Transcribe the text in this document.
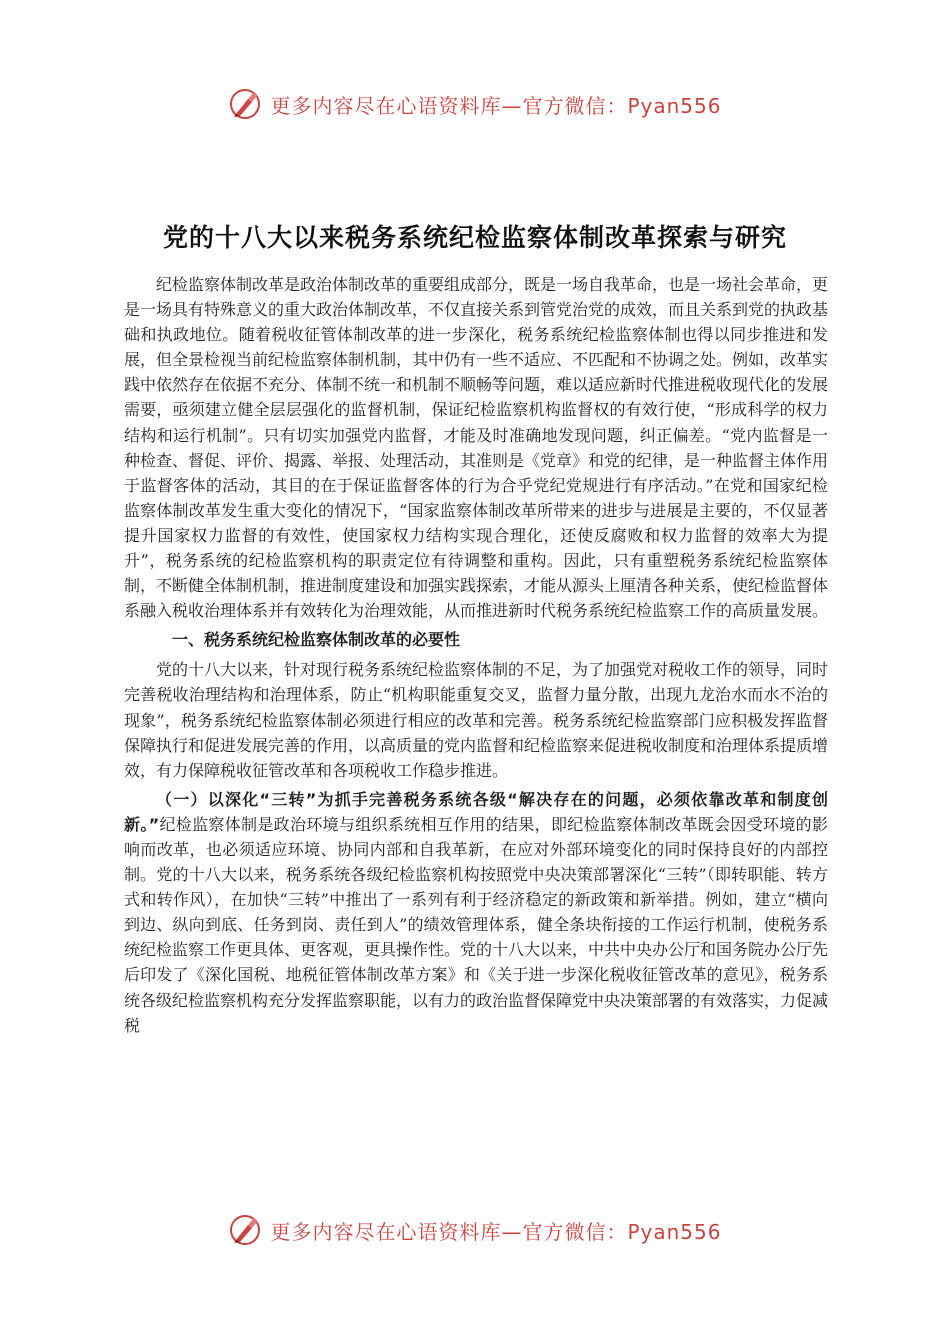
更多内容尽在心语资料库—官方微信：Pyan556
党的十八大以来税务系统纪检监察体制改革探索与研究

纪检监察体制改革是政治体制改革的重要组成部分，既是一场自我革命，也是一场社会革命，更是一场具有特殊意义的重大政治体制改革，不仅直接关系到管党治党的成效，而且关系到党的执政基础和执政地位。随着税收征管体制改革的进一步深化，税务系统纪检监察体制也得以同步推进和发展，但全景检视当前纪检监察体制机制，其中仍有一些不适应、不匹配和不协调之处。例如，改革实践中依然存在依据不充分、体制不统一和机制不顺畅等问题，难以适应新时代推进税收现代化的发展需要，亟须建立健全层层强化的监督机制，保证纪检监察机构监督权的有效行使，“形成科学的权力结构和运行机制”。只有切实加强党内监督，才能及时准确地发现问题，纠正偏差。“党内监督是一种检查、督促、评价、揭露、举报、处理活动，其准则是《党章》和党的纪律，是一种监督主体作用于监督客体的活动，其目的在于保证监督客体的行为合乎党纪党规进行有序活动。”在党和国家纪检监察体制改革发生重大变化的情况下，“国家监察体制改革所带来的进步与进展是主要的，不仅显著提升国家权力监督的有效性，使国家权力结构实现合理化，还使反腐败和权力监督的效率大为提升”，税务系统的纪检监察机构的职责定位有待调整和重构。因此，只有重塑税务系统纪检监察体制，不断健全体制机制，推进制度建设和加强实践探索，才能从源头上厘清各种关系，使纪检监督体系融入税收治理体系并有效转化为治理效能，从而推进新时代税务系统纪检监察工作的高质量发展。

一、税务系统纪检监察体制改革的必要性

党的十八大以来，针对现行税务系统纪检监察体制的不足，为了加强党对税收工作的领导，同时完善税收治理结构和治理体系，防止“机构职能重复交叉，监督力量分散，出现九龙治水而水不治的现象”，税务系统纪检监察体制必须进行相应的改革和完善。税务系统纪检监察部门应积极发挥监督保障执行和促进发展完善的作用，以高质量的党内监督和纪检监察来促进税收制度和治理体系提质增效，有力保障税收征管改革和各项税收工作稳步推进。

（一）以深化“三转”为抓手完善税务系统各级“解决存在的问题，必须依靠改革和制度创新。”纪检监察体制是政治环境与组织系统相互作用的结果，即纪检监察体制改革既会因受环境的影响而改革，也必须适应环境、协同内部和自我革新，在应对外部环境变化的同时保持良好的内部控制。党的十八大以来，税务系统各级纪检监察机构按照党中央决策部署深化“三转”（即转职能、转方式和转作风），在加快“三转”中推出了一系列有利于经济稳定的新政策和新举措。例如，建立“横向到边、纵向到底、任务到岗、责任到人”的绩效管理体系，健全条块衔接的工作运行机制，使税务系统纪检监察工作更具体、更客观，更具操作性。党的十八大以来，中共中央办公厅和国务院办公厅先后印发了《深化国税、地税征管体制改革方案》和《关于进一步深化税收征管改革的意见》，税务系统各级纪检监察机构充分发挥监察职能，以有力的政治监督保障党中央决策部署的有效落实，力促减税

更多内容尽在心语资料库—官方微信：Pyan556
